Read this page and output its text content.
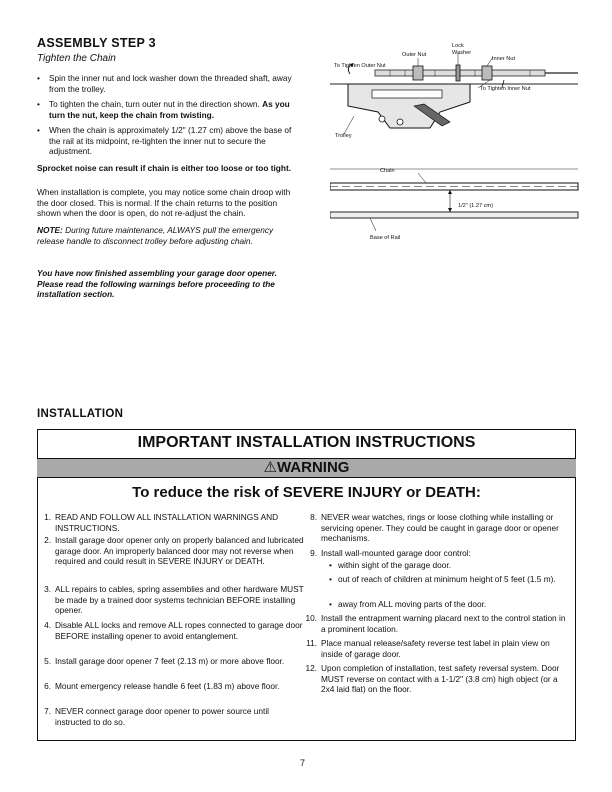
ASSEMBLY STEP 3
Tighten the Chain
• Spin the inner nut and lock washer down the threaded shaft, away from the trolley.
• To tighten the chain, turn outer nut in the direction shown. As you turn the nut, keep the chain from twisting.
• When the chain is approximately 1/2" (1.27 cm) above the base of the rail at its midpoint, re-tighten the inner nut to secure the adjustment.
Sprocket noise can result if chain is either too loose or too tight.
When installation is complete, you may notice some chain droop with the door closed. This is normal. If the chain returns to the position shown when the door is open, do not re-adjust the chain.
NOTE: During future maintenance, ALWAYS pull the emergency release handle to disconnect trolley before adjusting chain.
You have now finished assembling your garage door opener. Please read the following warnings before proceeding to the installation section.
Outer Nut
Lock Washer
Inner Nut
To Tighten Outer Nut
To Tighten Inner Nut
Trolley
Chain
1/2" (1.27 cm)
Base of Rail
INSTALLATION
IMPORTANT INSTALLATION INSTRUCTIONS
⚠WARNING
To reduce the risk of SEVERE INJURY or DEATH:
1. READ AND FOLLOW ALL INSTALLATION WARNINGS AND INSTRUCTIONS.
2. Install garage door opener only on properly balanced and lubricated garage door. An improperly balanced door may not reverse when required and could result in SEVERE INJURY or DEATH.
3. ALL repairs to cables, spring assemblies and other hardware MUST be made by a trained door systems technician BEFORE installing opener.
4. Disable ALL locks and remove ALL ropes connected to garage door BEFORE installing opener to avoid entanglement.
5. Install garage door opener 7 feet (2.13 m) or more above floor.
6. Mount emergency release handle 6 feet (1.83 m) above floor.
7. NEVER connect garage door opener to power source until instructed to do so.
8. NEVER wear watches, rings or loose clothing while installing or servicing opener. They could be caught in garage door or opener mechanisms.
9. Install wall-mounted garage door control:
• within sight of the garage door.
• out of reach of children at minimum height of 5 feet (1.5 m).
• away from ALL moving parts of the door.
10. Install the entrapment warning placard next to the control station in a prominent location.
11. Place manual release/safety reverse test label in plain view on inside of garage door.
12. Upon completion of installation, test safety reversal system. Door MUST reverse on contact with a 1-1/2" (3.8 cm) high object (or a 2x4 laid flat) on the floor.
7
